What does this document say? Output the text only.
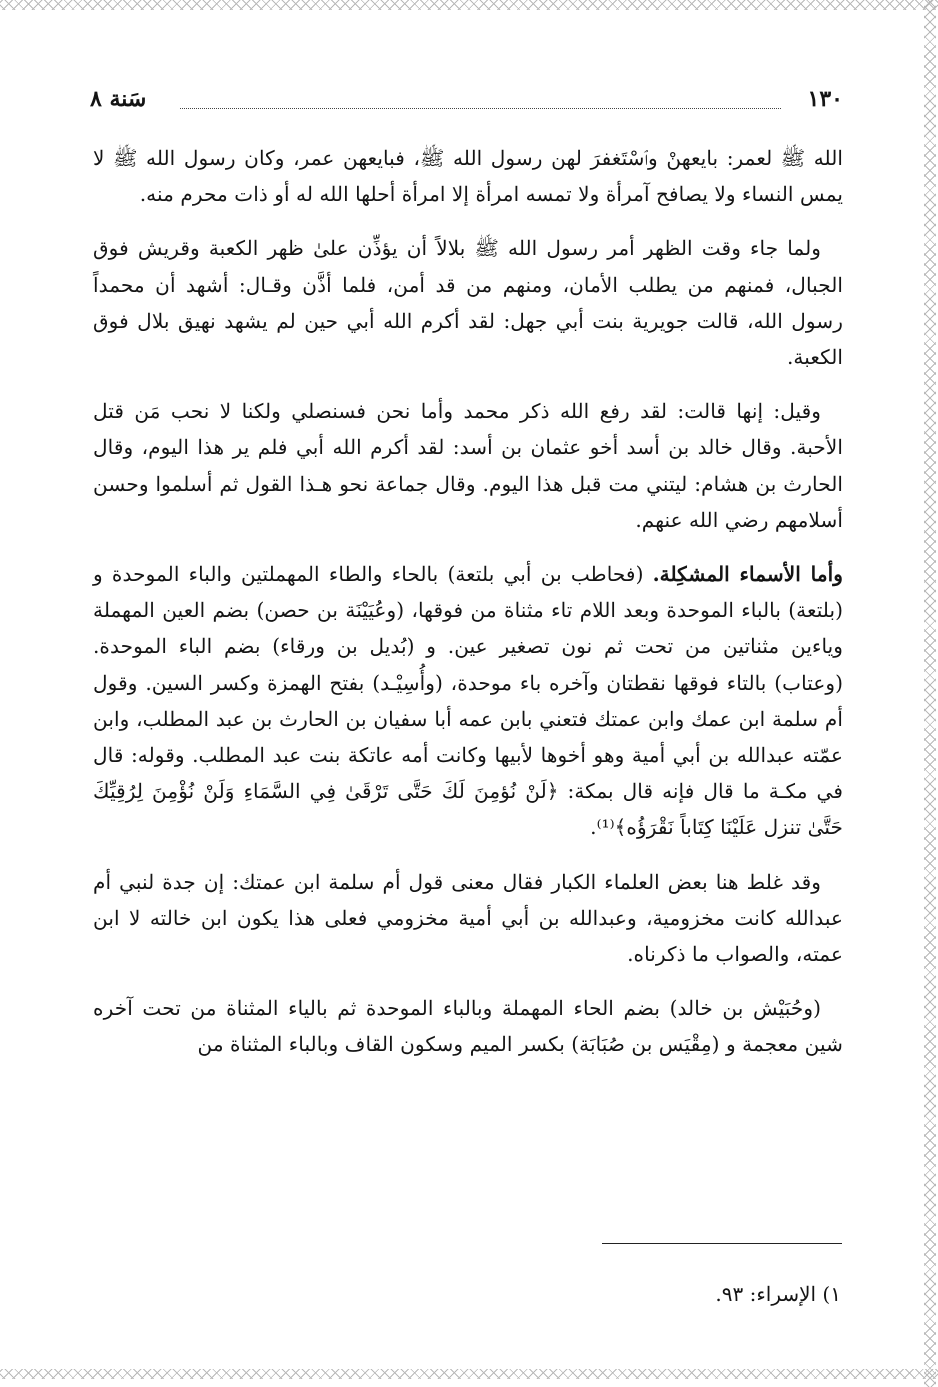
١٣٠
سَنة ٨

الله ﷺ لعمر: بايعهنْ وٱسْتَغفرَ لهن رسول الله ﷺ، فبايعهن عمر، وكان رسول الله ﷺ لا يمس النساء ولا يصافح آمرأة ولا تمسه امرأة إلا امرأة أحلها الله له أو ذات محرم منه.

ولما جاء وقت الظهر أمر رسول الله ﷺ بلالاً أن يؤذِّن علىٰ ظهر الكعبة وقريش فوق الجبال، فمنهم من يطلب الأمان، ومنهم من قد أمن، فلما أذَّن وقـال: أشهد أن محمداً رسول الله، قالت جويرية بنت أبي جهل: لقد أكرم الله أبي حين لم يشهد نهيق بلال فوق الكعبة.

وقيل: إنها قالت: لقد رفع الله ذكر محمد وأما نحن فسنصلي ولكنا لا نحب مَن قتل الأحبة. وقال خالد بن أسد أخو عثمان بن أسد: لقد أكرم الله أبي فلم ير هذا اليوم، وقال الحارث بن هشام: ليتني مت قبل هذا اليوم. وقال جماعة نحو هـذا القول ثم أسلموا وحسن أسلامهم رضي الله عنهم.

وأما الأسماء المشكِلة. (فحاطب بن أبي بلتعة) بالحاء والطاء المهملتين والباء الموحدة و (بلتعة) بالباء الموحدة وبعد اللام تاء مثناة من فوقها، (وعُيَيْنَة بن حصن) بضم العين المهملة وياءين مثناتين من تحت ثم نون تصغير عين. و (بُديل بن ورقاء) بضم الباء الموحدة. (وعتاب) بالتاء فوقها نقطتان وآخره باء موحدة، (وأُسِيْـد) بفتح الهمزة وكسر السين. وقول أم سلمة ابن عمك وابن عمتك فتعني بابن عمه أبا سفيان بن الحارث بن عبد المطلب، وابن عمّته عبدالله بن أبي أمية وهو أخوها لأبيها وكانت أمه عاتكة بنت عبد المطلب. وقوله: قال في مكـة ما قال فإنه قال بمكة: ﴿لَنْ نُؤمِنَ لَكَ حَتَّى تَرْقَىٰ فِي السَّمَاءِ وَلَنْ نُؤْمِنَ لِرُقِيِّكَ حَتَّىٰ تنزل عَلَيْنَا كِتَاباً نَقْرَؤُه﴾⁽¹⁾.

وقد غلط هنا بعض العلماء الكبار فقال معنى قول أم سلمة ابن عمتك: إن جدة لنبي أم عبدالله كانت مخزومية، وعبدالله بن أبي أمية مخزومي فعلى هذا يكون ابن خالته لا ابن عمته، والصواب ما ذكرناه.

(وحُبَيْش بن خالد) بضم الحاء المهملة وبالباء الموحدة ثم بالياء المثناة من تحت آخره شين معجمة و (مِقْيَس بن صُبَابَة) بكسر الميم وسكون القاف وبالباء المثناة من

١) الإسراء: ٩٣.
